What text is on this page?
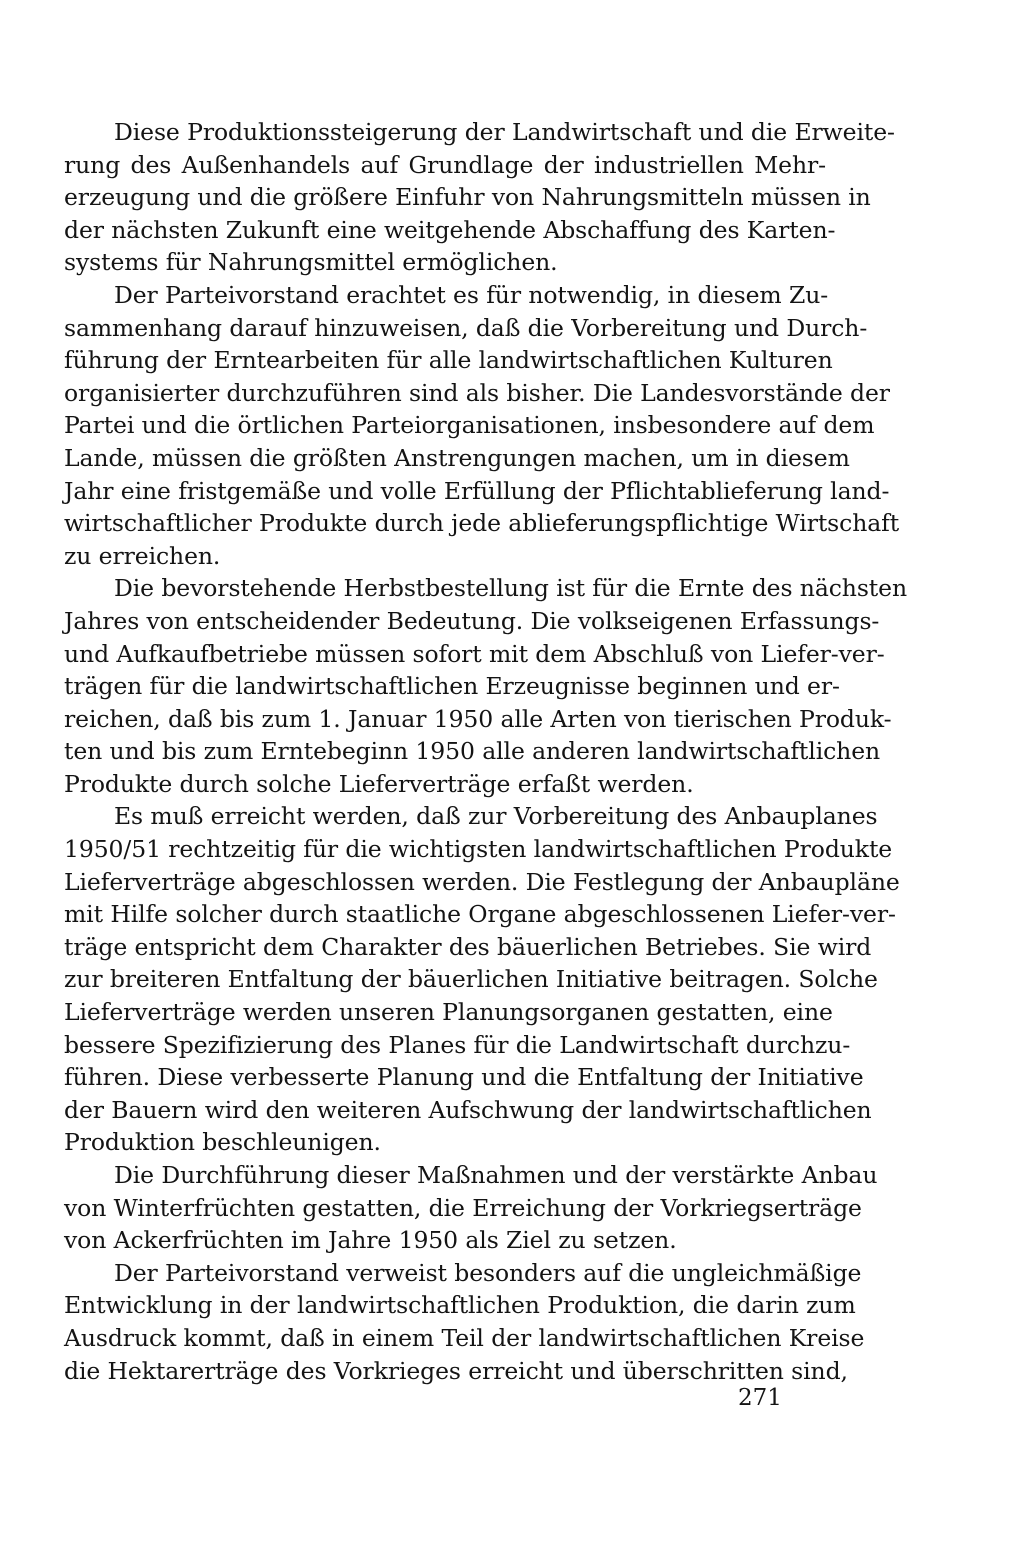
Diese Produktionssteigerung der Landwirtschaft und die Erweite-
rung des Außenhandels auf Grundlage der industriellen Mehr-
erzeugung und die größere Einfuhr von Nahrungsmitteln müssen in
der nächsten Zukunft eine weitgehende Abschaffung des Karten-
systems für Nahrungsmittel ermöglichen.
Der Parteivorstand erachtet es für notwendig, in diesem Zu-
sammenhang darauf hinzuweisen, daß die Vorbereitung und Durch-
führung der Erntearbeiten für alle landwirtschaftlichen Kulturen
organisierter durchzuführen sind als bisher. Die Landesvorstände der
Partei und die örtlichen Parteiorganisationen, insbesondere auf dem
Lande, müssen die größten Anstrengungen machen, um in diesem
Jahr eine fristgemäße und volle Erfüllung der Pflichtablieferung land-
wirtschaftlicher Produkte durch jede ablieferungspflichtige Wirtschaft
zu erreichen.
Die bevorstehende Herbstbestellung ist für die Ernte des nächsten
Jahres von entscheidender Bedeutung. Die volkseigenen Erfassungs-
und Aufkaufbetriebe müssen sofort mit dem Abschluß von Liefer-ver-
trägen für die landwirtschaftlichen Erzeugnisse beginnen und er-
reichen, daß bis zum 1. Januar 1950 alle Arten von tierischen Produk-
ten und bis zum Erntebeginn 1950 alle anderen landwirtschaftlichen
Produkte durch solche Lieferverträge erfaßt werden.
Es muß erreicht werden, daß zur Vorbereitung des Anbauplanes
1950/51 rechtzeitig für die wichtigsten landwirtschaftlichen Produkte
Lieferverträge abgeschlossen werden. Die Festlegung der Anbaupläne
mit Hilfe solcher durch staatliche Organe abgeschlossenen Liefer-ver-
träge entspricht dem Charakter des bäuerlichen Betriebes. Sie wird
zur breiteren Entfaltung der bäuerlichen Initiative beitragen. Solche
Lieferverträge werden unseren Planungsorganen gestatten, eine
bessere Spezifizierung des Planes für die Landwirtschaft durchzu-
führen. Diese verbesserte Planung und die Entfaltung der Initiative
der Bauern wird den weiteren Aufschwung der landwirtschaftlichen
Produktion beschleunigen.
Die Durchführung dieser Maßnahmen und der verstärkte Anbau
von Winterfrüchten gestatten, die Erreichung der Vorkriegserträge
von Ackerfrüchten im Jahre 1950 als Ziel zu setzen.
Der Parteivorstand verweist besonders auf die ungleichmäßige
Entwicklung in der landwirtschaftlichen Produktion, die darin zum
Ausdruck kommt, daß in einem Teil der landwirtschaftlichen Kreise
die Hektarerträge des Vorkrieges erreicht und überschritten sind,
271
